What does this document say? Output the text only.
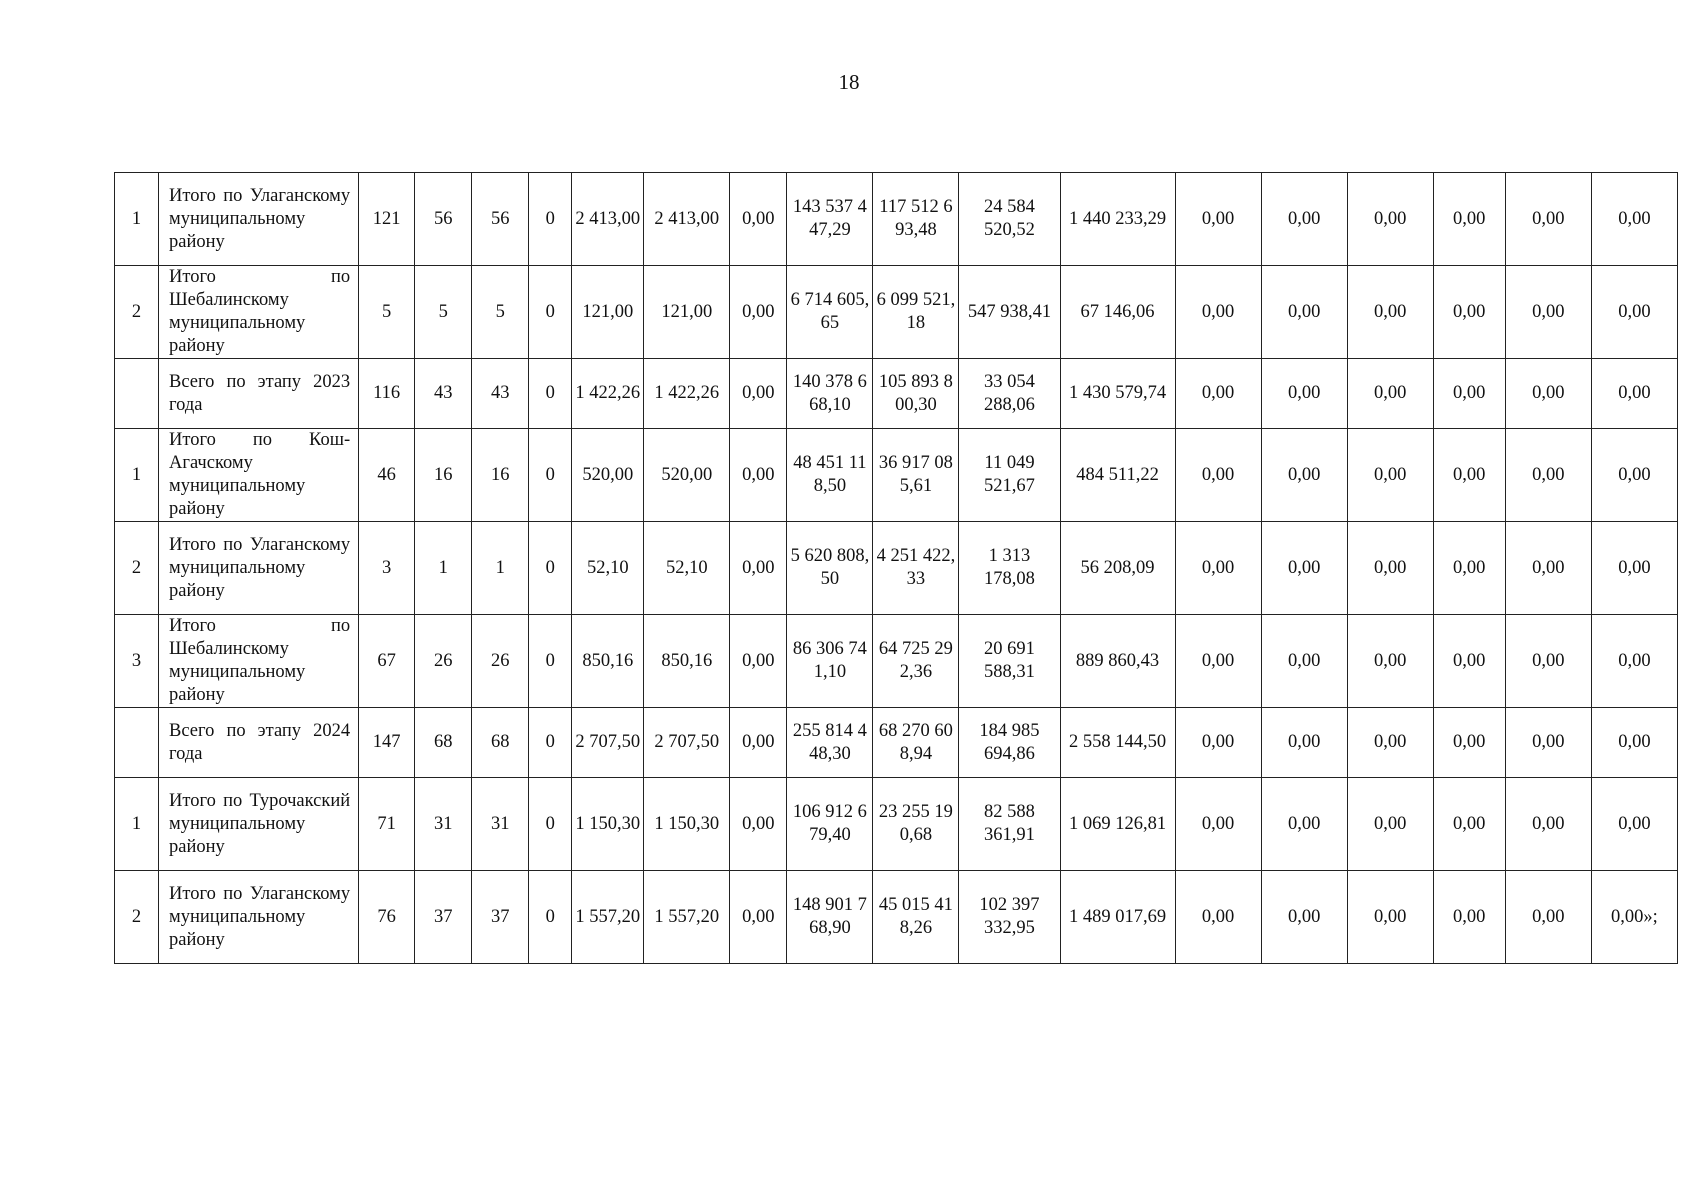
18
1	Итого по Улаганскому муниципальному району	121	56	56	0	2 413,00	2 413,00	0,00	143 537 447,29	117 512 693,48	24 584 520,52	1 440 233,29	0,00	0,00	0,00	0,00	0,00	0,00
2	Итого по Шебалинскому муниципальному району	5	5	5	0	121,00	121,00	0,00	6 714 605,65	6 099 521,18	547 938,41	67 146,06	0,00	0,00	0,00	0,00	0,00	0,00
	Всего по этапу 2023 года	116	43	43	0	1 422,26	1 422,26	0,00	140 378 668,10	105 893 800,30	33 054 288,06	1 430 579,74	0,00	0,00	0,00	0,00	0,00	0,00
1	Итого по Кош-Агачскому муниципальному району	46	16	16	0	520,00	520,00	0,00	48 451 118,50	36 917 085,61	11 049 521,67	484 511,22	0,00	0,00	0,00	0,00	0,00	0,00
2	Итого по Улаганскому муниципальному району	3	1	1	0	52,10	52,10	0,00	5 620 808,50	4 251 422,33	1 313 178,08	56 208,09	0,00	0,00	0,00	0,00	0,00	0,00
3	Итого по Шебалинскому муниципальному району	67	26	26	0	850,16	850,16	0,00	86 306 741,10	64 725 292,36	20 691 588,31	889 860,43	0,00	0,00	0,00	0,00	0,00	0,00
	Всего по этапу 2024 года	147	68	68	0	2 707,50	2 707,50	0,00	255 814 448,30	68 270 608,94	184 985 694,86	2 558 144,50	0,00	0,00	0,00	0,00	0,00	0,00
1	Итого по Турочакский муниципальному району	71	31	31	0	1 150,30	1 150,30	0,00	106 912 679,40	23 255 190,68	82 588 361,91	1 069 126,81	0,00	0,00	0,00	0,00	0,00	0,00
2	Итого по Улаганскому муниципальному району	76	37	37	0	1 557,20	1 557,20	0,00	148 901 768,90	45 015 418,26	102 397 332,95	1 489 017,69	0,00	0,00	0,00	0,00	0,00	0,00»;
